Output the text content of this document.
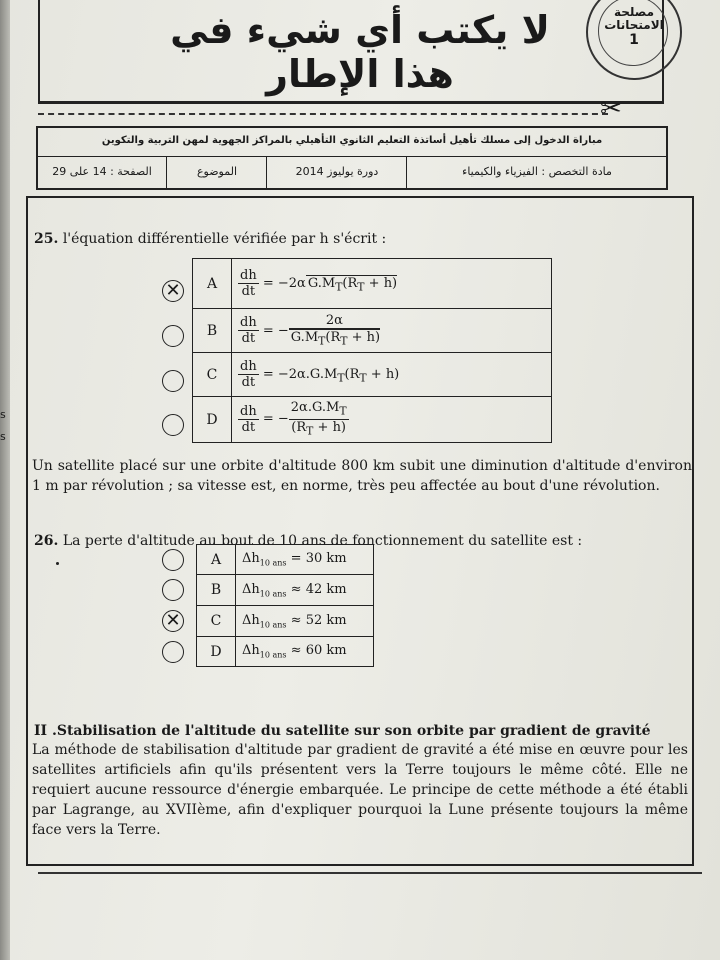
s
s
لا يكتب أي شيء في هذا الإطار
مصلحة الامتحانات
1
✂
مباراة الدخول إلى مسلك تأهيل أساتذة التعليم الثانوي التأهيلي بالمراكز الجهوية لمهن التربية والتكوين
الصفحة : 14 على 29	الموضوع	دورة يوليوز 2014	مادة التخصص : الفيزياء والكيمياء
25. l'équation différentielle vérifiée par h s'écrit :
✕ A	$\frac{dh}{dt} = -2\alpha$ $G.M_T(R_T + h)$
B	$\frac{dh}{dt}$ = − $\frac{2\alpha}{G.M_T(R_T + h)}$

C	$\frac{dh}{dt} = -2\alpha.G.M_T(R_T + h)$
D	$\frac{dh}{dt}$ = − $\frac{2\alpha.G.M_T}{(R_T + h)}$
Un satellite placé sur une orbite d'altitude 800 km subit une diminution d'altitude d'environ 1 m par révolution ; sa vitesse est, en norme, très peu affectée au bout d'une révolution.
26. La perte d'altitude au bout de 10 ans de fonctionnement du satellite est :
✕
A	$\Delta h_{10 ans} = 30$ km
B	$\Delta h_{10 ans} \approx 42$ km
C	$\Delta h_{10 ans} \approx 52$ km
D	$\Delta h_{10 ans} \approx 60$ km
II .Stabilisation de l'altitude du satellite sur son orbite par gradient de gravité
La méthode de stabilisation d'altitude par gradient de gravité a été mise en œuvre pour les satellites artificiels afin qu'ils présentent vers la Terre toujours le même côté. Elle ne requiert aucune ressource d'énergie embarquée. Le principe de cette méthode a été établi par Lagrange, au XVIIème, afin d'expliquer pourquoi la Lune présente toujours la même face vers la Terre.
